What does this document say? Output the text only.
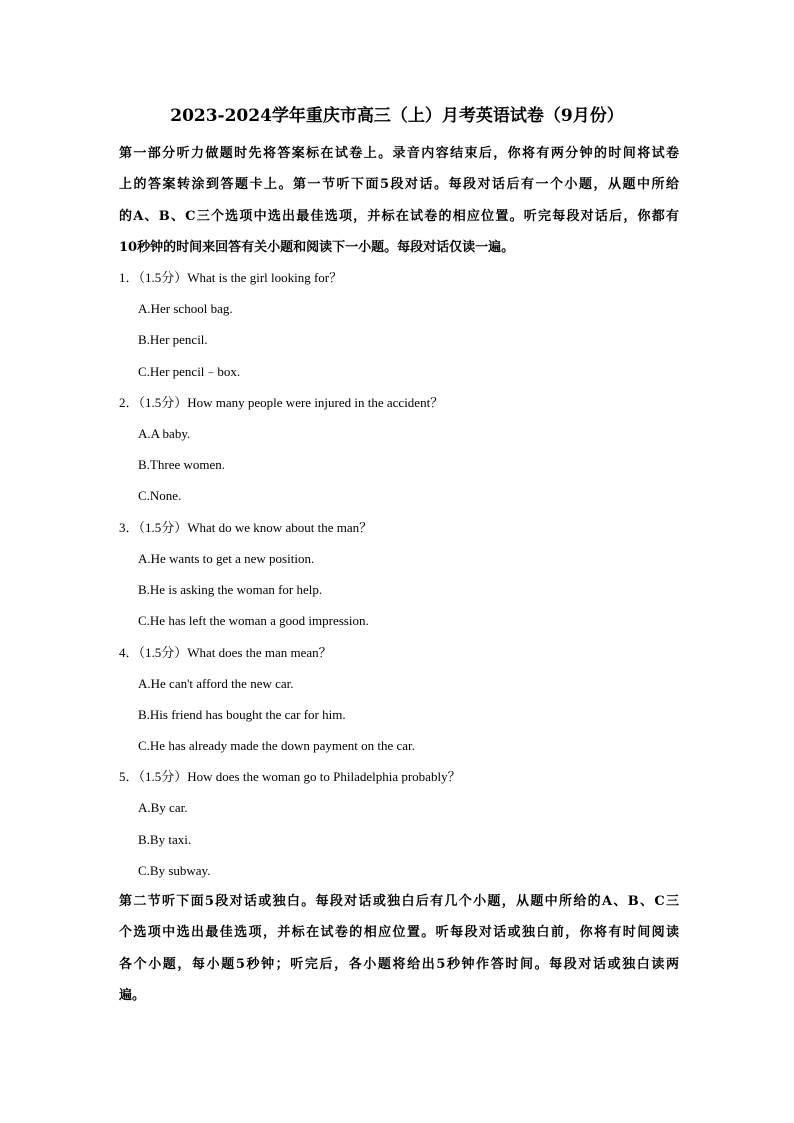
2023-2024学年重庆市高三（上）月考英语试卷（9月份）

第一部分听力做题时先将答案标在试卷上。录音内容结束后，你将有两分钟的时间将试卷
上的答案转涂到答题卡上。第一节听下面5段对话。每段对话后有一个小题，从题中所给
的A、B、C三个选项中选出最佳选项，并标在试卷的相应位置。听完每段对话后，你都有
10秒钟的时间来回答有关小题和阅读下一小题。每段对话仅读一遍。

1．（1.5分）What is the girl looking for？

A.Her school bag.

B.Her pencil.

C.Her pencil﹣box.

2．（1.5分）How many people were injured in the accident？

A.A baby.

B.Three women.

C.None.

3．（1.5分）What do we know about the man？

A.He wants to get a new position.

B.He is asking the woman for help.

C.He has left the woman a good impression.

4．（1.5分）What does the man mean？

A.He can't afford the new car.

B.His friend has bought the car for him.

C.He has already made the down payment on the car.

5．（1.5分）How does the woman go to Philadelphia probably？

A.By car.

B.By taxi.

C.By subway.

第二节听下面5段对话或独白。每段对话或独白后有几个小题，从题中所给的A、B、C三
个选项中选出最佳选项，并标在试卷的相应位置。听每段对话或独白前，你将有时间阅读
各个小题，每小题5秒钟；听完后，各小题将给出5秒钟作答时间。每段对话或独白读两
遍。
